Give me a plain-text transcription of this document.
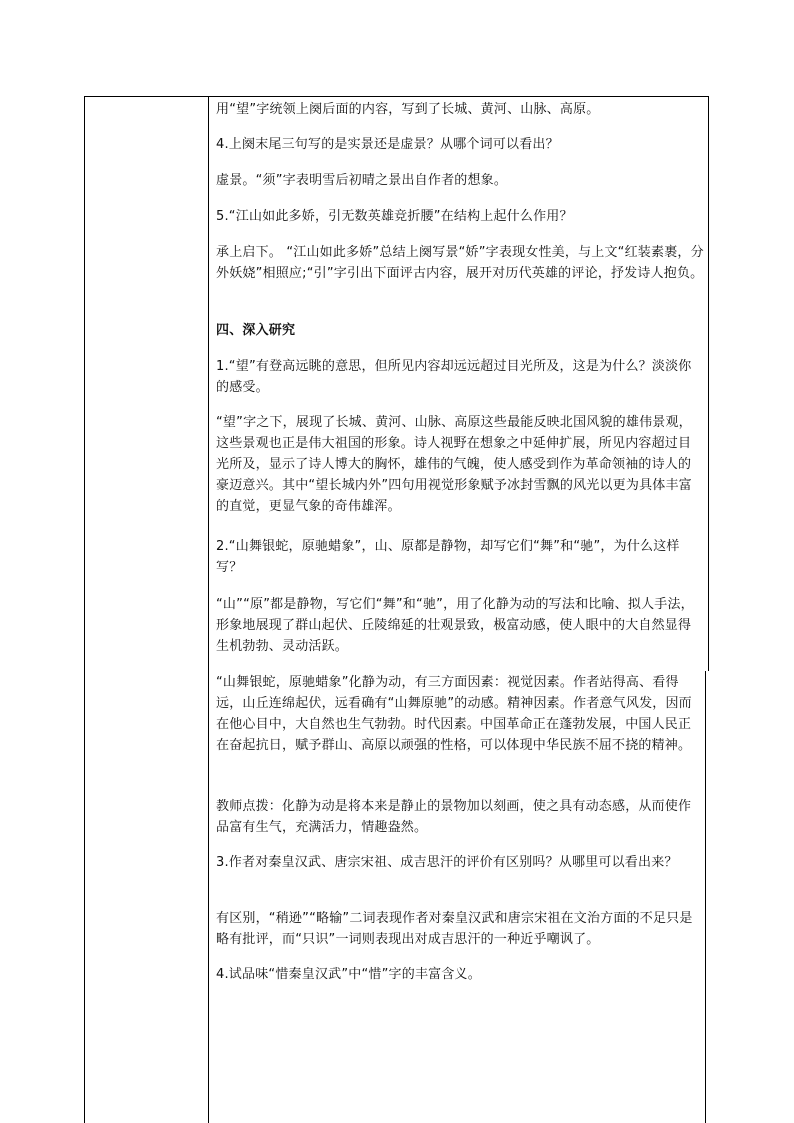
用“望”字统领上阕后面的内容，写到了长城、黄河、山脉、高原。

4.上阕末尾三句写的是实景还是虚景？从哪个词可以看出？

虚景。“须”字表明雪后初晴之景出自作者的想象。

5.“江山如此多娇，引无数英雄竞折腰”在结构上起什么作用？

承上启下。 “江山如此多娇”总结上阕写景“娇”字表现女性美，与上文“红装素裹，分外妖娆”相照应;“引”字引出下面评古内容，展开对历代英雄的评论，抒发诗人抱负。

四、深入研究

1.“望”有登高远眺的意思，但所见内容却远远超过目光所及，这是为什么？淡淡你的感受。

“望”字之下，展现了长城、黄河、山脉、高原这些最能反映北国风貌的雄伟景观，这些景观也正是伟大祖国的形象。诗人视野在想象之中延伸扩展，所见内容超过目光所及，显示了诗人博大的胸怀，雄伟的气魄，使人感受到作为革命领袖的诗人的豪迈意兴。其中“望长城内外”四句用视觉形象赋予冰封雪飘的风光以更为具体丰富的直觉，更显气象的奇伟雄浑。

2.“山舞银蛇，原驰蜡象”，山、原都是静物，却写它们“舞”和“驰”，为什么这样写？

“山”“原”都是静物，写它们“舞”和“驰”，用了化静为动的写法和比喻、拟人手法，形象地展现了群山起伏、丘陵绵延的壮观景致，极富动感，使人眼中的大自然显得生机勃勃、灵动活跃。

“山舞银蛇，原驰蜡象”化静为动，有三方面因素：视觉因素。作者站得高、看得远，山丘连绵起伏，远看确有“山舞原驰”的动感。精神因素。作者意气风发，因而在他心目中，大自然也生气勃勃。时代因素。中国革命正在蓬勃发展，中国人民正在奋起抗日，赋予群山、高原以顽强的性格，可以体现中华民族不屈不挠的精神。

教师点拨：化静为动是将本来是静止的景物加以刻画，使之具有动态感，从而使作品富有生气，充满活力，情趣盎然。

3.作者对秦皇汉武、唐宗宋祖、成吉思汗的评价有区别吗？从哪里可以看出来？

有区别，“稍逊”“略输”二词表现作者对秦皇汉武和唐宗宋祖在文治方面的不足只是略有批评，而“只识”一词则表现出对成吉思汗的一种近乎嘲讽了。

4.试品味“惜秦皇汉武”中“惜”字的丰富含义。
